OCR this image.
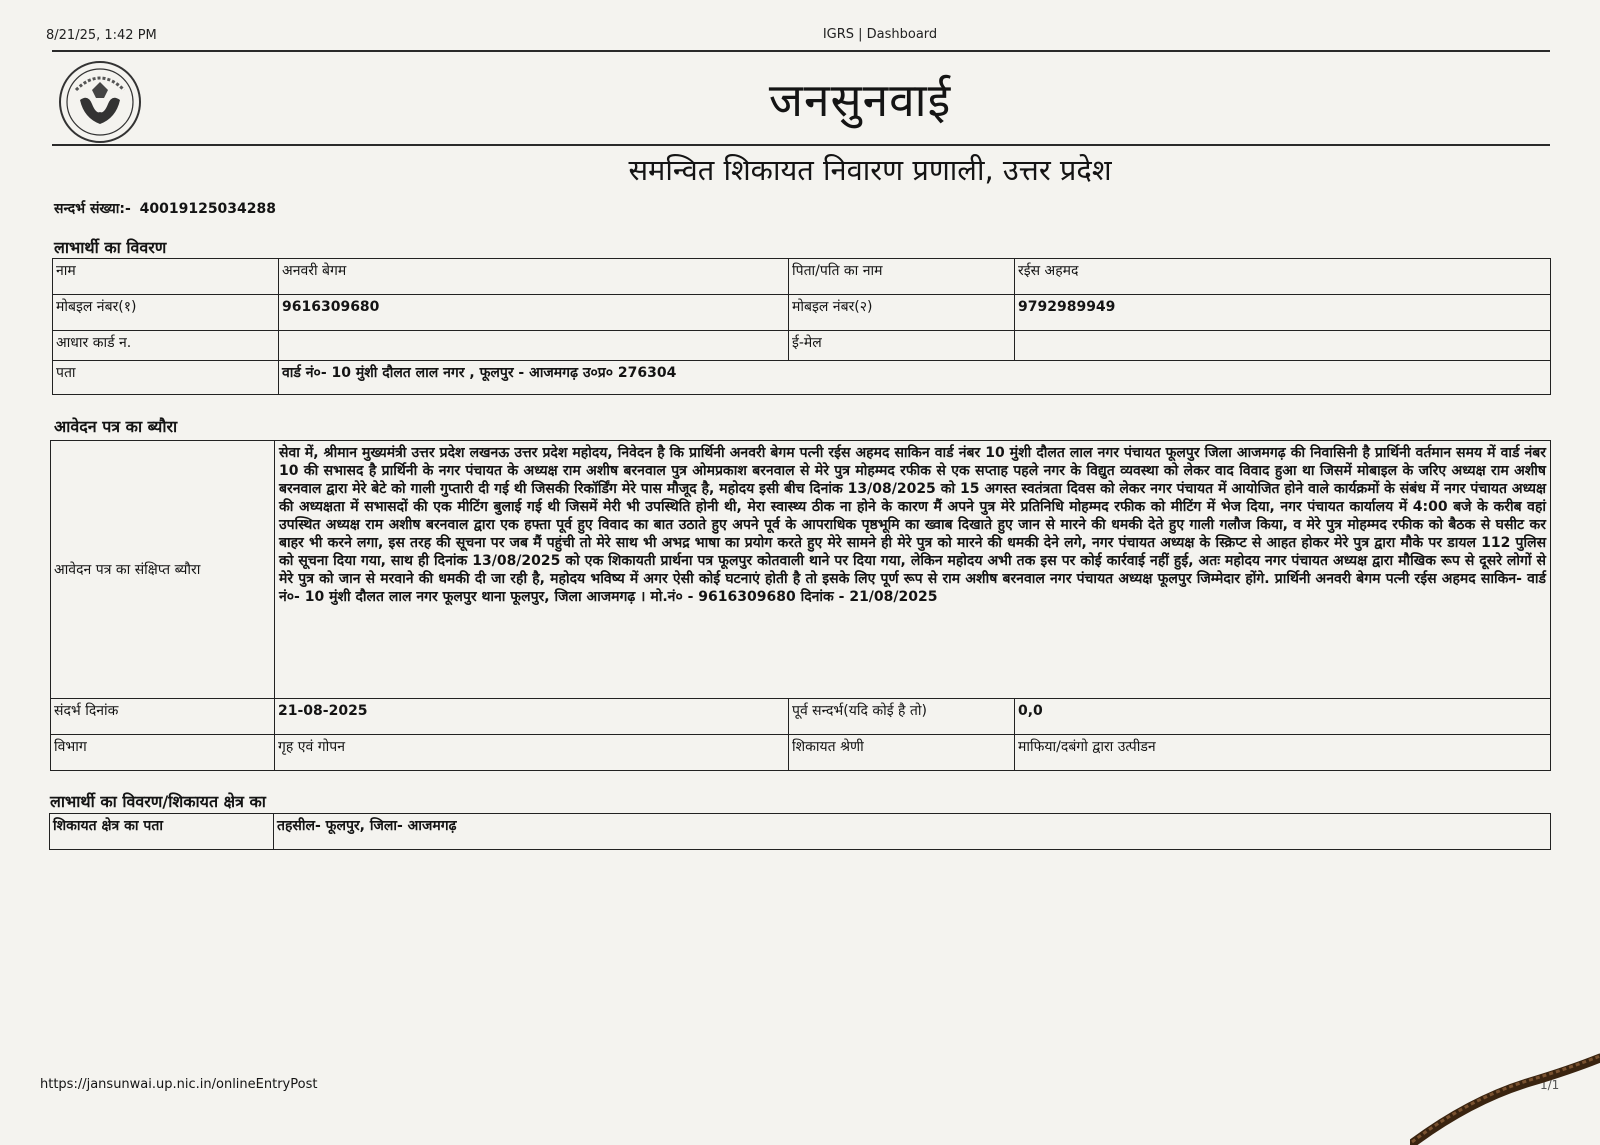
8/21/25, 1:42 PM	IGRS | Dashboard
जनसुनवाई
समन्वित शिकायत निवारण प्रणाली, उत्तर प्रदेश
सन्दर्भ संख्या:- 40019125034288
लाभार्थी का विवरण
नाम	अनवरी बेगम	पिता/पति का नाम	रईस अहमद
मोबइल नंबर(१)	9616309680	मोबइल नंबर(२)	9792989949
आधार कार्ड न.		ई-मेल	
पता	वार्ड नं०- 10 मुंशी दौलत लाल नगर , फूलपुर - आजमगढ़ उ०प्र० 276304		
आवेदन पत्र का ब्यौरा
आवेदन पत्र का संक्षिप्त ब्यौरा	सेवा में, श्रीमान मुख्यमंत्री उत्तर प्रदेश लखनऊ उत्तर प्रदेश महोदय, निवेदन है कि प्रार्थिनी अनवरी बेगम पत्नी रईस अहमद साकिन वार्ड नंबर 10 मुंशी दौलत लाल नगर पंचायत फूलपुर जिला आजमगढ़ की निवासिनी है प्रार्थिनी वर्तमान समय में वार्ड नंबर 10 की सभासद है प्रार्थिनी के नगर पंचायत के अध्यक्ष राम अशीष बरनवाल पुत्र ओमप्रकाश बरनवाल से मेरे पुत्र मोहम्मद रफीक से एक सप्ताह पहले नगर के विद्युत व्यवस्था को लेकर वाद विवाद हुआ था जिसमें मोबाइल के जरिए अध्यक्ष राम अशीष बरनवाल द्वारा मेरे बेटे को गाली गुप्तारी दी गई थी जिसकी रिकॉर्डिंग मेरे पास मौजूद है, महोदय इसी बीच दिनांक 13/08/2025 को 15 अगस्त स्वतंत्रता दिवस को लेकर नगर पंचायत में आयोजित होने वाले कार्यक्रमों के संबंध में नगर पंचायत अध्यक्ष की अध्यक्षता में सभासदों की एक मीटिंग बुलाई गई थी जिसमें मेरी भी उपस्थिति होनी थी, मेरा स्वास्थ्य ठीक ना होने के कारण मैं अपने पुत्र मेरे प्रतिनिधि मोहम्मद रफीक को मीटिंग में भेज दिया, नगर पंचायत कार्यालय में 4:00 बजे के करीब वहां उपस्थित अध्यक्ष राम अशीष बरनवाल द्वारा एक हफ्ता पूर्व हुए विवाद का बात उठाते हुए अपने पूर्व के आपराधिक पृष्ठभूमि का ख्वाब दिखाते हुए जान से मारने की धमकी देते हुए गाली गलौज किया, व मेरे पुत्र मोहम्मद रफीक को बैठक से घसीट कर बाहर भी करने लगा, इस तरह की सूचना पर जब मैं पहुंची तो मेरे साथ भी अभद्र भाषा का प्रयोग करते हुए मेरे सामने ही मेरे पुत्र को मारने की धमकी देने लगे, नगर पंचायत अध्यक्ष के स्क्रिप्ट से आहत होकर मेरे पुत्र द्वारा मौके पर डायल 112 पुलिस को सूचना दिया गया, साथ ही दिनांक 13/08/2025 को एक शिकायती प्रार्थना पत्र फूलपुर कोतवाली थाने पर दिया गया, लेकिन महोदय अभी तक इस पर कोई कार्रवाई नहीं हुई, अतः महोदय नगर पंचायत अध्यक्ष द्वारा मौखिक रूप से दूसरे लोगों से मेरे पुत्र को जान से मरवाने की धमकी दी जा रही है, महोदय भविष्य में अगर ऐसी कोई घटनाएं होती है तो इसके लिए पूर्ण रूप से राम अशीष बरनवाल नगर पंचायत अध्यक्ष फूलपुर जिम्मेदार होंगे. प्रार्थिनी अनवरी बेगम पत्नी रईस अहमद साकिन- वार्ड नं०- 10 मुंशी दौलत लाल नगर फूलपुर थाना फूलपुर, जिला आजमगढ़ । मो.नं० - 9616309680 दिनांक - 21/08/2025		
संदर्भ दिनांक	21-08-2025	पूर्व सन्दर्भ(यदि कोई है तो)	0,0
विभाग	गृह एवं गोपन	शिकायत श्रेणी	माफिया/दबंगो द्वारा उत्पीडन
लाभार्थी का विवरण/शिकायत क्षेत्र का
शिकायत क्षेत्र का पता	तहसील- फूलपुर, जिला- आजमगढ़
https://jansunwai.up.nic.in/onlineEntryPost	1/1
